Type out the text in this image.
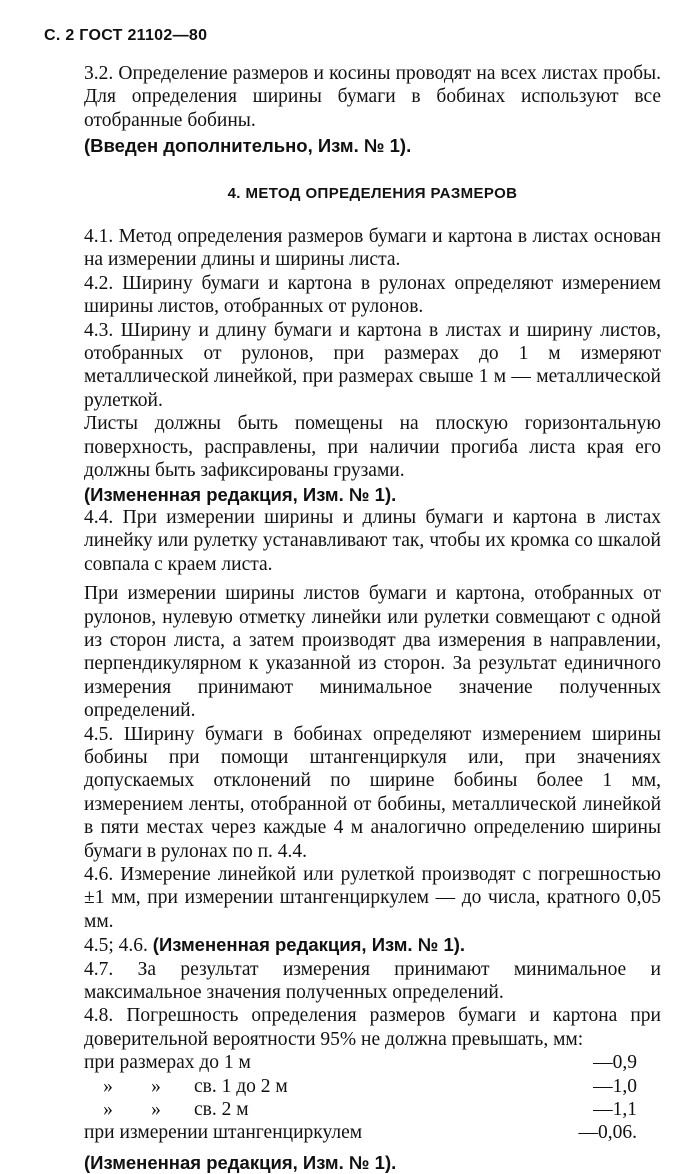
С. 2 ГОСТ 21102—80

3.2. Определение размеров и косины проводят на всех листах пробы. Для определения ширины бумаги в бобинах используют все отобранные бобины.

(Введен дополнительно, Изм. № 1).

4. МЕТОД ОПРЕДЕЛЕНИЯ РАЗМЕРОВ

4.1. Метод определения размеров бумаги и картона в листах основан на измерении длины и ширины листа.

4.2. Ширину бумаги и картона в рулонах определяют измерением ширины листов, отобранных от рулонов.

4.3. Ширину и длину бумаги и картона в листах и ширину листов, отобранных от рулонов, при размерах до 1 м измеряют металлической линейкой, при размерах свыше 1 м — металлической рулеткой.

Листы должны быть помещены на плоскую горизонтальную поверхность, расправлены, при наличии прогиба листа края его должны быть зафиксированы грузами.

(Измененная редакция, Изм. № 1).

4.4. При измерении ширины и длины бумаги и картона в листах линейку или рулетку устанавливают так, чтобы их кромка со шкалой совпала с краем листа.

При измерении ширины листов бумаги и картона, отобранных от рулонов, нулевую отметку линейки или рулетки совмещают с одной из сторон листа, а затем производят два измерения в направлении, перпендикулярном к указанной из сторон. За результат единичного измерения принимают минимальное значение полученных определений.

4.5. Ширину бумаги в бобинах определяют измерением ширины бобины при помощи штангенциркуля или, при значениях допускаемых отклонений по ширине бобины более 1 мм, измерением ленты, отобранной от бобины, металлической линейкой в пяти местах через каждые 4 м аналогично определению ширины бумаги в рулонах по п. 4.4.

4.6. Измерение линейкой или рулеткой производят с погрешностью ±1 мм, при измерении штангенциркулем — до числа, кратного 0,05 мм.

4.5; 4.6. (Измененная редакция, Изм. № 1).

4.7. За результат измерения принимают минимальное и максимальное значения полученных определений.

4.8. Погрешность определения размеров бумаги и картона при доверительной вероятности 95% не должна превышать, мм:

при размерах до 1 м	—0,9
» » св. 1 до 2 м	—1,0
» » св. 2 м	—1,1
при измерении штангенциркулем	—0,06.

(Измененная редакция, Изм. № 1).
